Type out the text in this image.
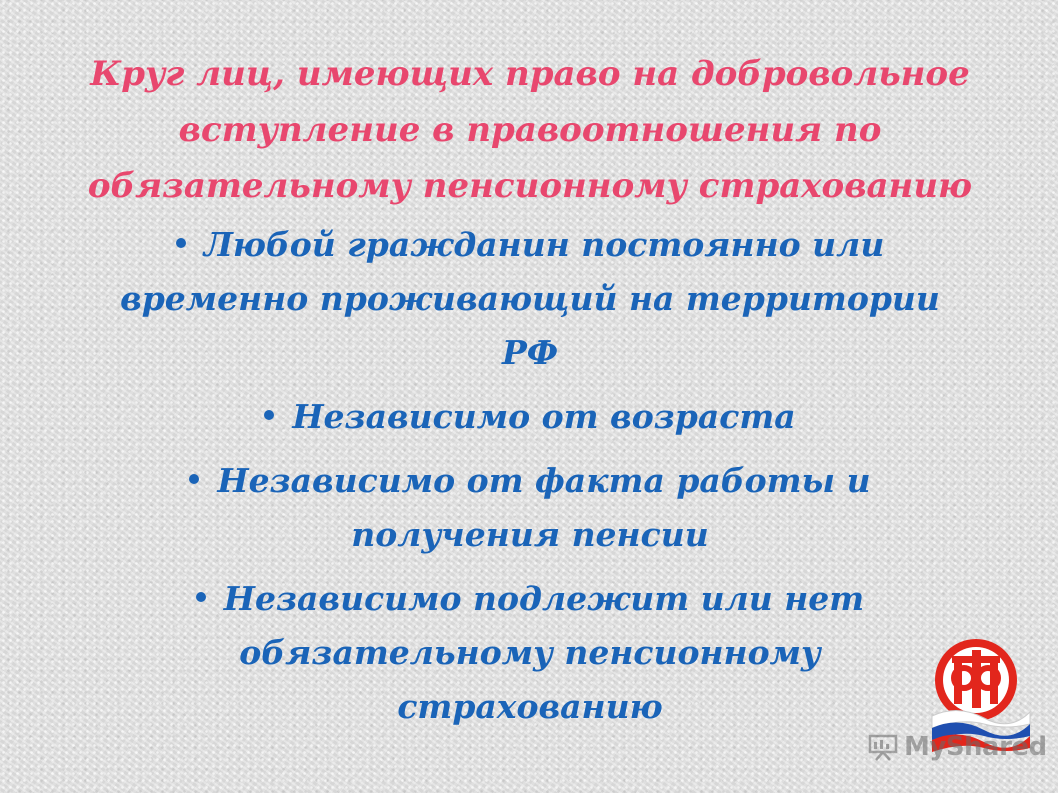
Круг лиц, имеющих право на добровольное вступление в правоотношения по обязательному пенсионному страхованию
Любой гражданин постоянно или временно проживающий на территории РФ
Независимо от возраста
Независимо от факта работы и получения пенсии
Независимо подлежит или нет обязательному пенсионному страхованию
MyShared
